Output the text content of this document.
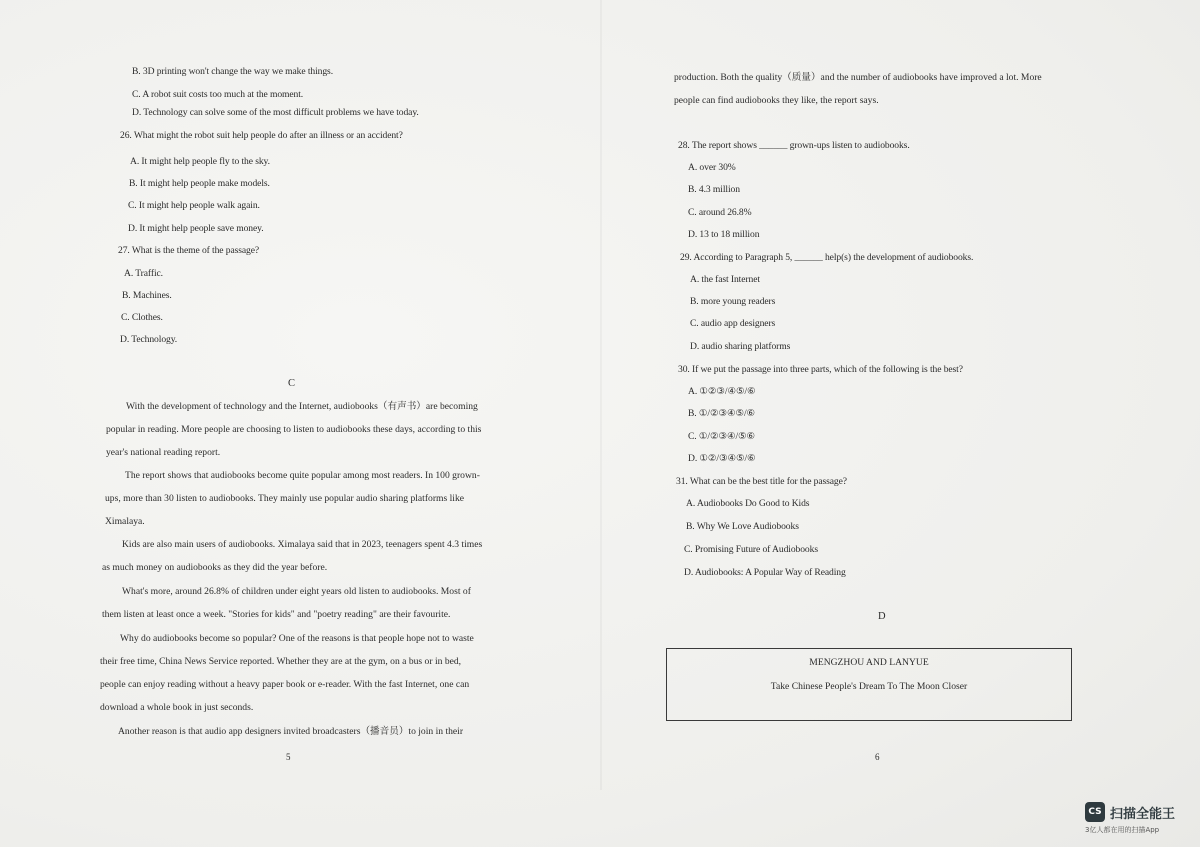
B. 3D printing won't change the way we make things.
C. A robot suit costs too much at the moment.
D. Technology can solve some of the most difficult problems we have today.
26. What might the robot suit help people do after an illness or an accident?
A. It might help people fly to the sky.
B. It might help people make models.
C. It might help people walk again.
D. It might help people save money.
27. What is the theme of the passage?
A. Traffic.
B. Machines.
C. Clothes.
D. Technology.
C
With the development of technology and the Internet, audiobooks（有声书）are becoming popular in reading. More people are choosing to listen to audiobooks these days, according to this year's national reading report.
The report shows that audiobooks become quite popular among most readers. In 100 grown-ups, more than 30 listen to audiobooks. They mainly use popular audio sharing platforms like Ximalaya.
Kids are also main users of audiobooks. Ximalaya said that in 2023, teenagers spent 4.3 times as much money on audiobooks as they did the year before.
What's more, around 26.8% of children under eight years old listen to audiobooks. Most of them listen at least once a week. "Stories for kids" and "poetry reading" are their favourite.
Why do audiobooks become so popular? One of the reasons is that people hope not to waste their free time, China News Service reported. Whether they are at the gym, on a bus or in bed, people can enjoy reading without a heavy paper book or e-reader. With the fast Internet, one can download a whole book in just seconds.
Another reason is that audio app designers invited broadcasters（播音员）to join in their
5
production. Both the quality（质量）and the number of audiobooks have improved a lot. More people can find audiobooks they like, the report says.
28. The report shows ______ grown-ups listen to audiobooks.
A. over 30%
B. 4.3 million
C. around 26.8%
D. 13 to 18 million
29. According to Paragraph 5, ______ help(s) the development of audiobooks.
A. the fast Internet
B. more young readers
C. audio app designers
D. audio sharing platforms
30. If we put the passage into three parts, which of the following is the best?
A. ①②③/④⑤/⑥
B. ①/②③④⑤/⑥
C. ①/②③④/⑤⑥
D. ①②/③④⑤/⑥
31. What can be the best title for the passage?
A. Audiobooks Do Good to Kids
B. Why We Love Audiobooks
C. Promising Future of Audiobooks
D. Audiobooks: A Popular Way of Reading
D
MENGZHOU AND LANYUE
Take Chinese People's Dream To The Moon Closer
6
CS 扫描全能王
3亿人都在用的扫描App
